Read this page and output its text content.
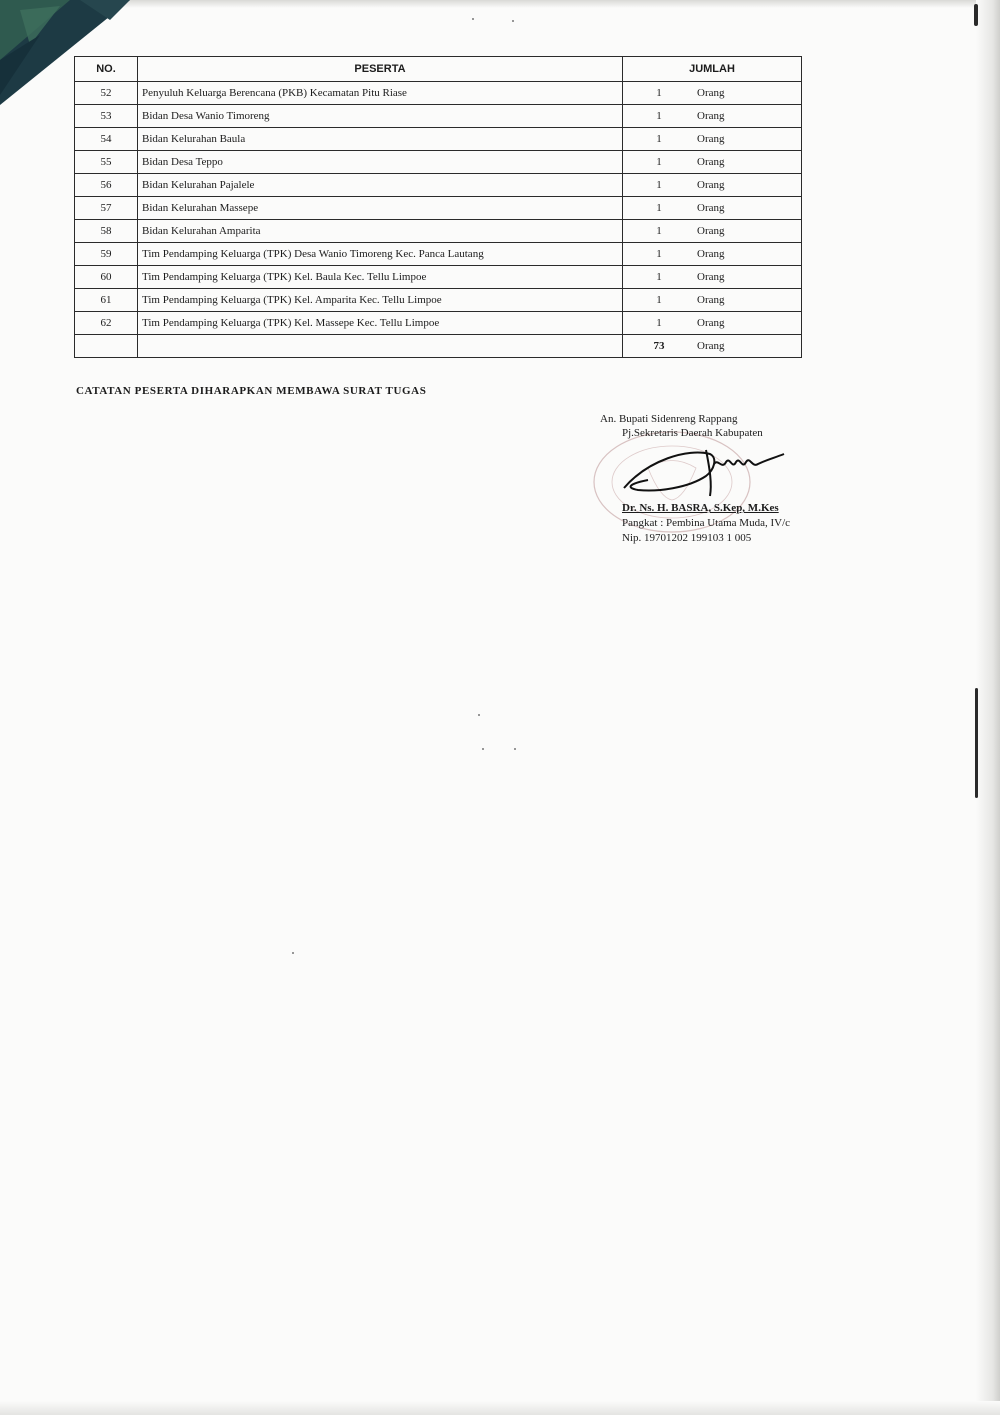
NO.	PESERTA	JUMLAH
52	Penyuluh Keluarga Berencana (PKB) Kecamatan Pitu Riase	1 Orang

53	Bidan Desa Wanio Timoreng	1 Orang

54	Bidan Kelurahan Baula	1 Orang

55	Bidan Desa Teppo	1 Orang

56	Bidan Kelurahan Pajalele	1 Orang

57	Bidan Kelurahan Massepe	1 Orang

58	Bidan Kelurahan Amparita	1 Orang

59	Tim Pendamping Keluarga (TPK) Desa Wanio Timoreng Kec. Panca Lautang	1 Orang

60	Tim Pendamping Keluarga (TPK) Kel. Baula Kec. Tellu Limpoe	1 Orang

61	Tim Pendamping Keluarga (TPK) Kel. Amparita Kec. Tellu Limpoe	1 Orang

62	Tim Pendamping Keluarga (TPK) Kel. Massepe Kec. Tellu Limpoe	1 Orang

		73 Orang
CATATAN PESERTA DIHARAPKAN MEMBAWA SURAT TUGAS
An. Bupati Sidenreng Rappang
Pj.Sekretaris Daerah Kabupaten
Dr. Ns. H. BASRA, S.Kep, M.Kes
Pangkat : Pembina Utama Muda, IV/c
Nip. 19701202 199103 1 005
